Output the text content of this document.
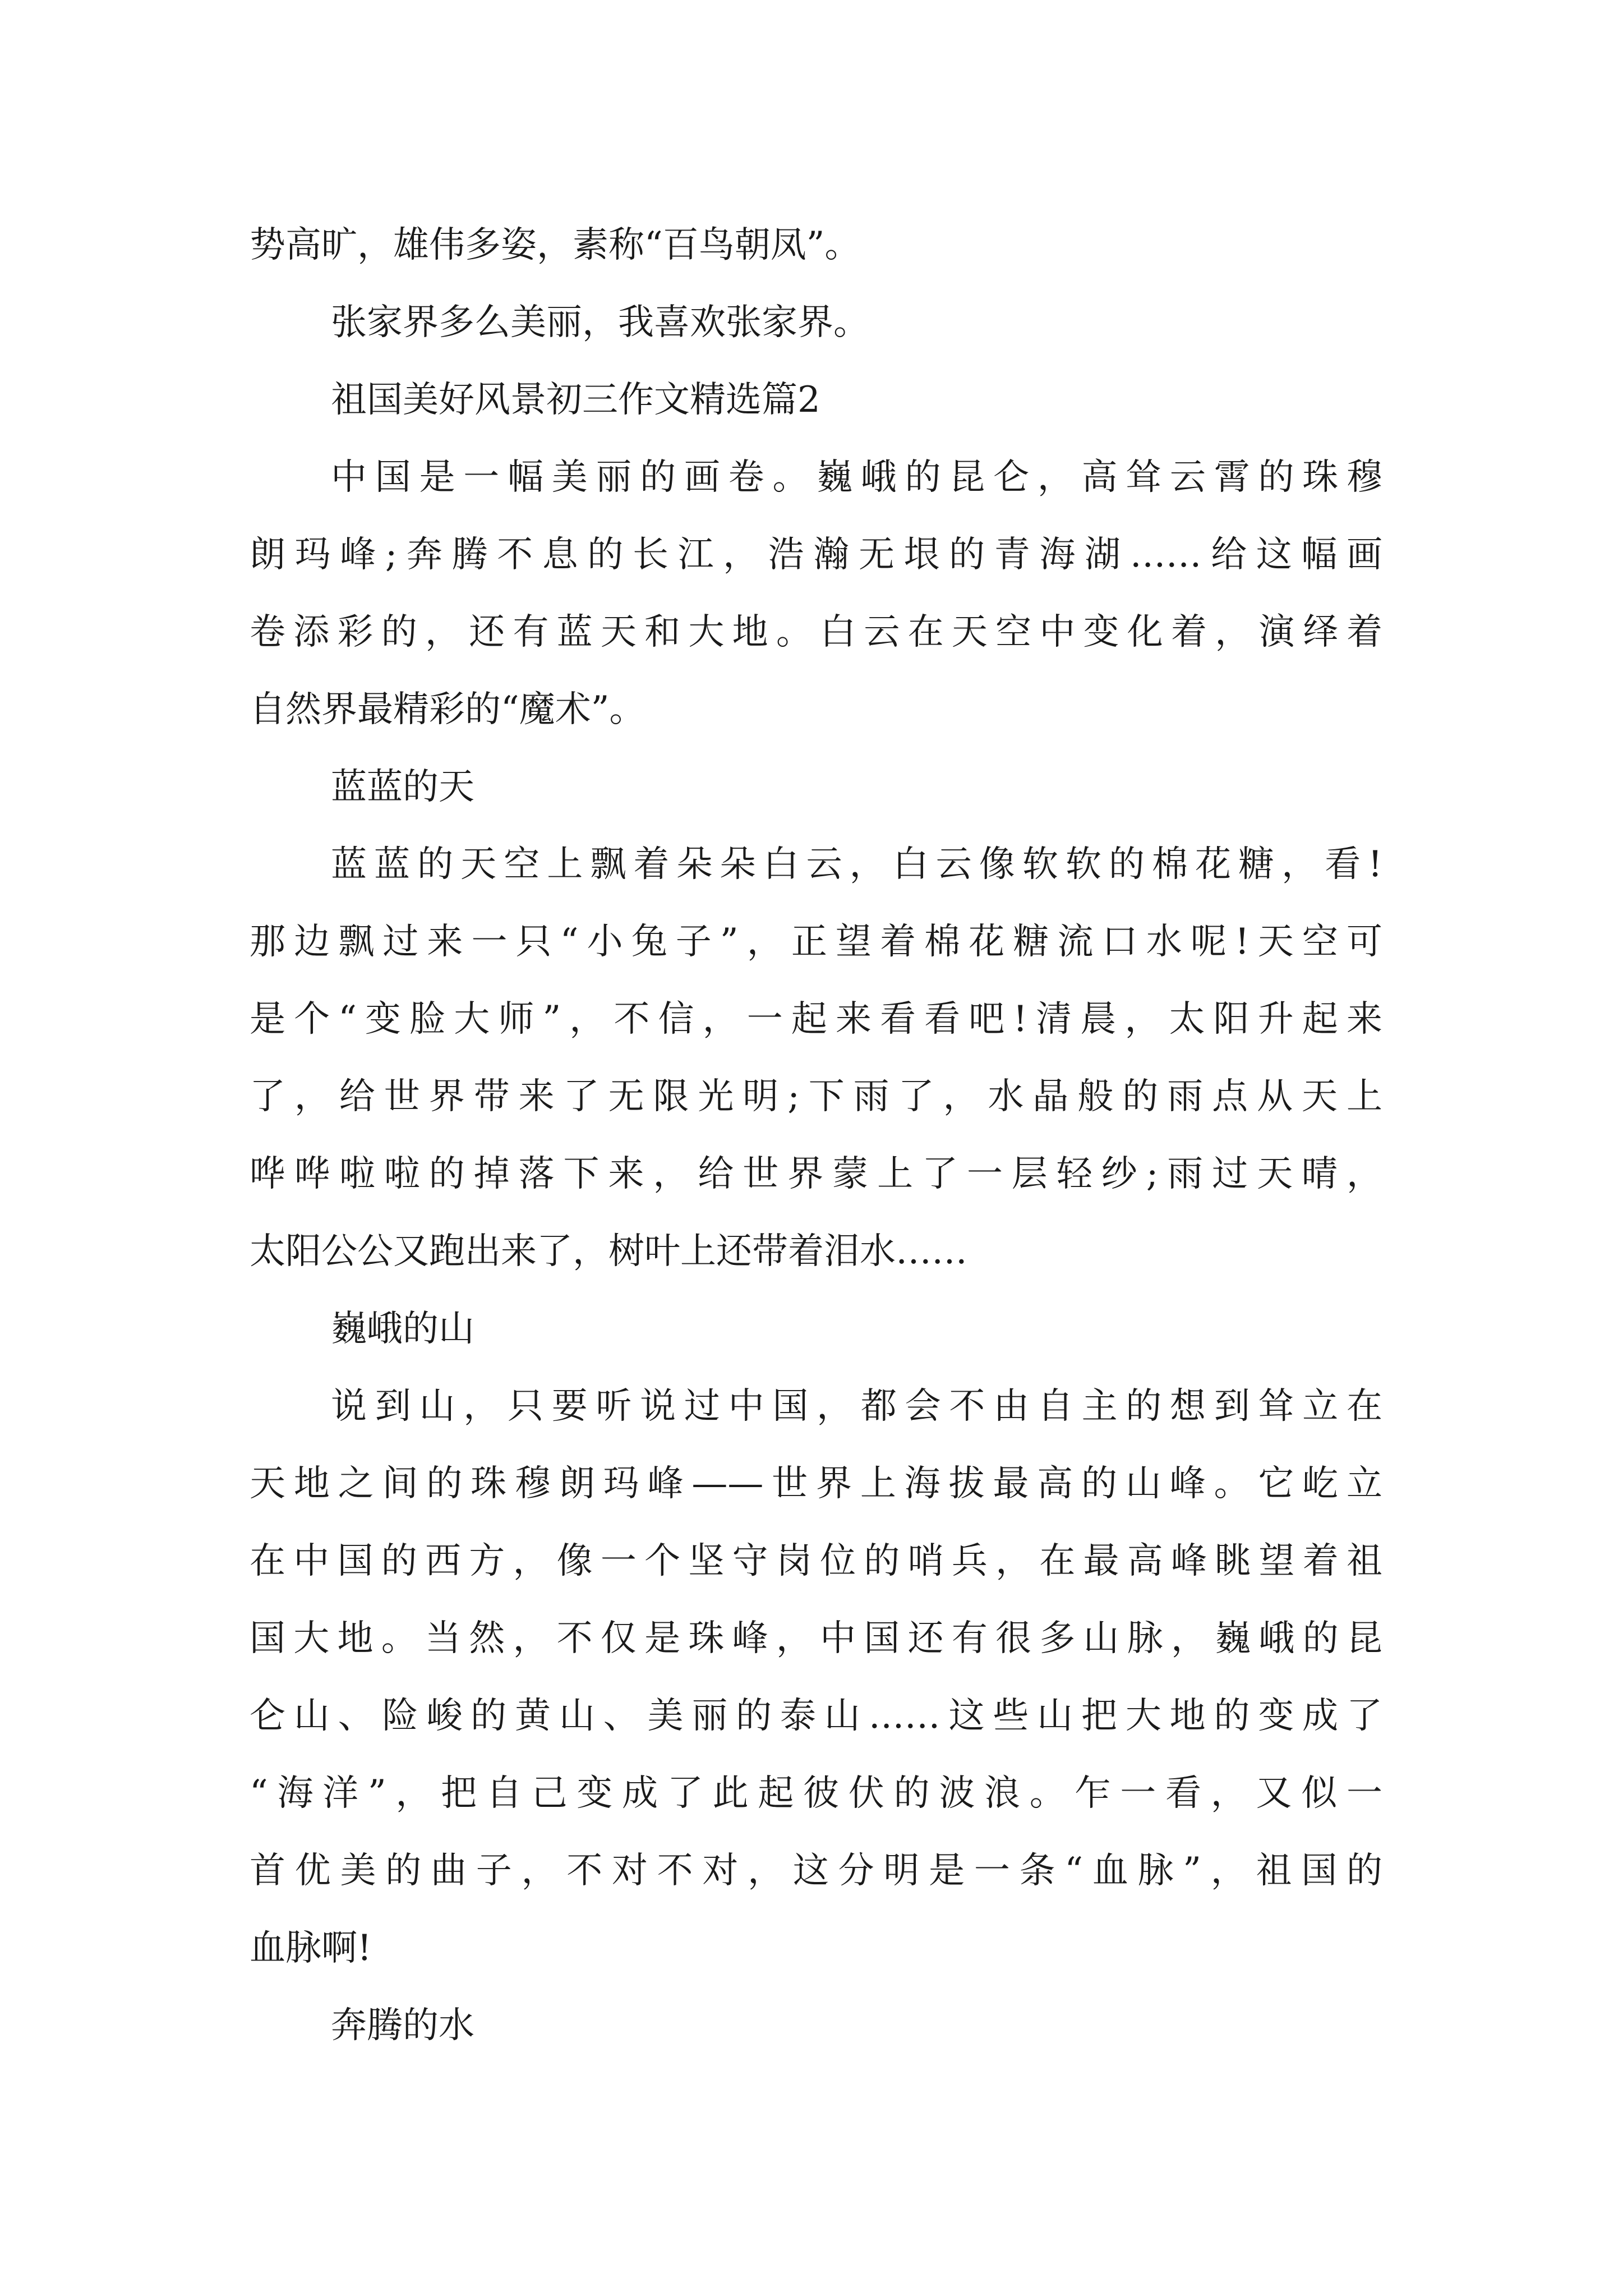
势高旷，雄伟多姿，素称“百鸟朝凤”。
张家界多么美丽，我喜欢张家界。
祖国美好风景初三作文精选篇2
中国是一幅美丽的画卷。巍峨的昆仑，高耸云霄的珠穆
朗玛峰;奔腾不息的长江，浩瀚无垠的青海湖……给这幅画
卷添彩的，还有蓝天和大地。白云在天空中变化着，演绎着
自然界最精彩的“魔术”。
蓝蓝的天
蓝蓝的天空上飘着朵朵白云，白云像软软的棉花糖，看!
那边飘过来一只“小兔子”，正望着棉花糖流口水呢!天空可
是个“变脸大师”，不信，一起来看看吧!清晨，太阳升起来
了，给世界带来了无限光明;下雨了，水晶般的雨点从天上
哗哗啦啦的掉落下来，给世界蒙上了一层轻纱;雨过天晴，
太阳公公又跑出来了，树叶上还带着泪水……
巍峨的山
说到山，只要听说过中国，都会不由自主的想到耸立在
天地之间的珠穆朗玛峰——世界上海拔最高的山峰。它屹立
在中国的西方，像一个坚守岗位的哨兵，在最高峰眺望着祖
国大地。当然，不仅是珠峰，中国还有很多山脉，巍峨的昆
仑山、险峻的黄山、美丽的泰山……这些山把大地的变成了
“海洋”，把自己变成了此起彼伏的波浪。乍一看，又似一
首优美的曲子，不对不对，这分明是一条“血脉”，祖国的
血脉啊!
奔腾的水
